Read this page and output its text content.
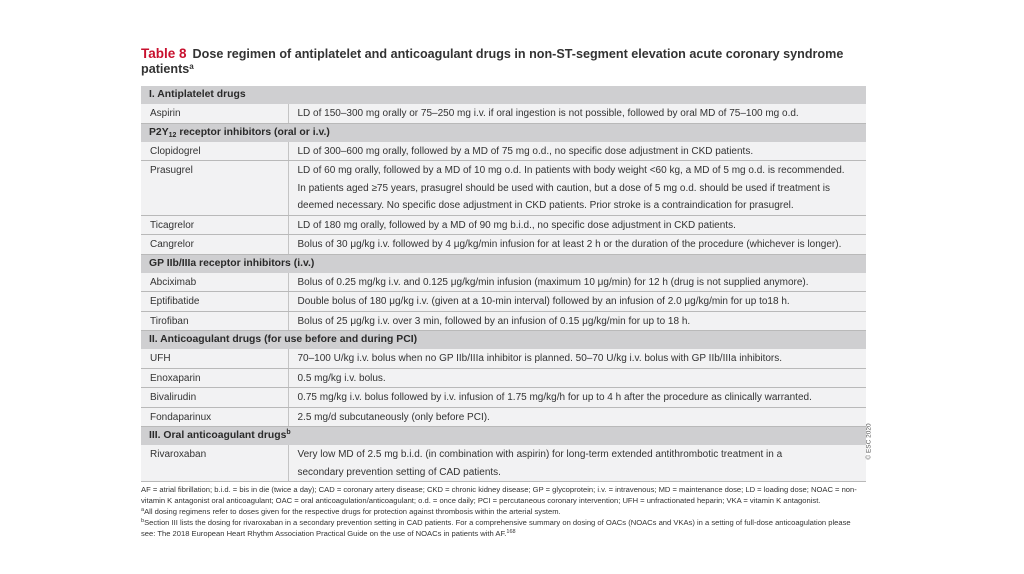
Table 8 Dose regimen of antiplatelet and anticoagulant drugs in non-ST-segment elevation acute coronary syndrome patients$^a$
I. Antiplatelet drugs	
Aspirin	LD of 150–300 mg orally or 75–250 mg i.v. if oral ingestion is not possible, followed by oral MD of 75–100 mg o.d.

$P2Y_{12}$ receptor inhibitors (oral or i.v.)	
Clopidogrel	LD of 300–600 mg orally, followed by a MD of 75 mg o.d., no specific dose adjustment in CKD patients.

Prasugrel	LD of 60 mg orally, followed by a MD of 10 mg o.d. In patients with body weight <60 kg, a MD of 5 mg o.d. is recommended.

In patients aged ≥75 years, prasugrel should be used with caution, but a dose of 5 mg o.d. should be used if treatment is

deemed necessary. No specific dose adjustment in CKD patients. Prior stroke is a contraindication for prasugrel.

Ticagrelor	LD of 180 mg orally, followed by a MD of 90 mg b.i.d., no specific dose adjustment in CKD patients.

Cangrelor	Bolus of 30 μg/kg i.v. followed by 4 μg/kg/min infusion for at least 2 h or the duration of the procedure (whichever is longer).

GP IIb/IIIa receptor inhibitors (i.v.)	
Abciximab	Bolus of 0.25 mg/kg i.v. and 0.125 μg/kg/min infusion (maximum 10 μg/min) for 12 h (drug is not supplied anymore).

Eptifibatide	Double bolus of 180 μg/kg i.v. (given at a 10-min interval) followed by an infusion of 2.0 μg/kg/min for up to18 h.

Tirofiban	Bolus of 25 μg/kg i.v. over 3 min, followed by an infusion of 0.15 μg/kg/min for up to 18 h.

II. Anticoagulant drugs (for use before and during PCI)	
UFH	70–100 U/kg i.v. bolus when no GP IIb/IIIa inhibitor is planned. 50–70 U/kg i.v. bolus with GP IIb/IIIa inhibitors.

Enoxaparin	0.5 mg/kg i.v. bolus.

Bivalirudin	0.75 mg/kg i.v. bolus followed by i.v. infusion of 1.75 mg/kg/h for up to 4 h after the procedure as clinically warranted.

Fondaparinux	2.5 mg/d subcutaneously (only before PCI).

III. Oral anticoagulant drugs$^b$
Rivaroxaban	Very low MD of 2.5 mg b.i.d. (in combination with aspirin) for long-term extended antithrombotic treatment in a

secondary prevention setting of CAD patients.

AF = atrial fibrillation; b.i.d. = bis in die (twice a day); CAD = coronary artery disease; CKD = chronic kidney disease; GP = glycoprotein; i.v. = intravenous; MD = maintenance dose; LD = loading dose; NOAC = non-vitamin K antagonist oral anticoagulant; OAC = oral anticoagulation/anticoagulant; o.d. = once daily; PCI = percutaneous coronary intervention; UFH = unfractionated heparin; VKA = vitamin K antagonist.

$^a$All dosing regimens refer to doses given for the respective drugs for protection against thrombosis within the arterial system.

$^b$Section III lists the dosing for rivaroxaban in a secondary prevention setting in CAD patients. For a comprehensive summary on dosing of OACs (NOACs and VKAs) in a setting of full-dose anticoagulation please see: The 2018 European Heart Rhythm Association Practical Guide on the use of NOACs in patients with AF.$^{168}$

© ESC 2020
